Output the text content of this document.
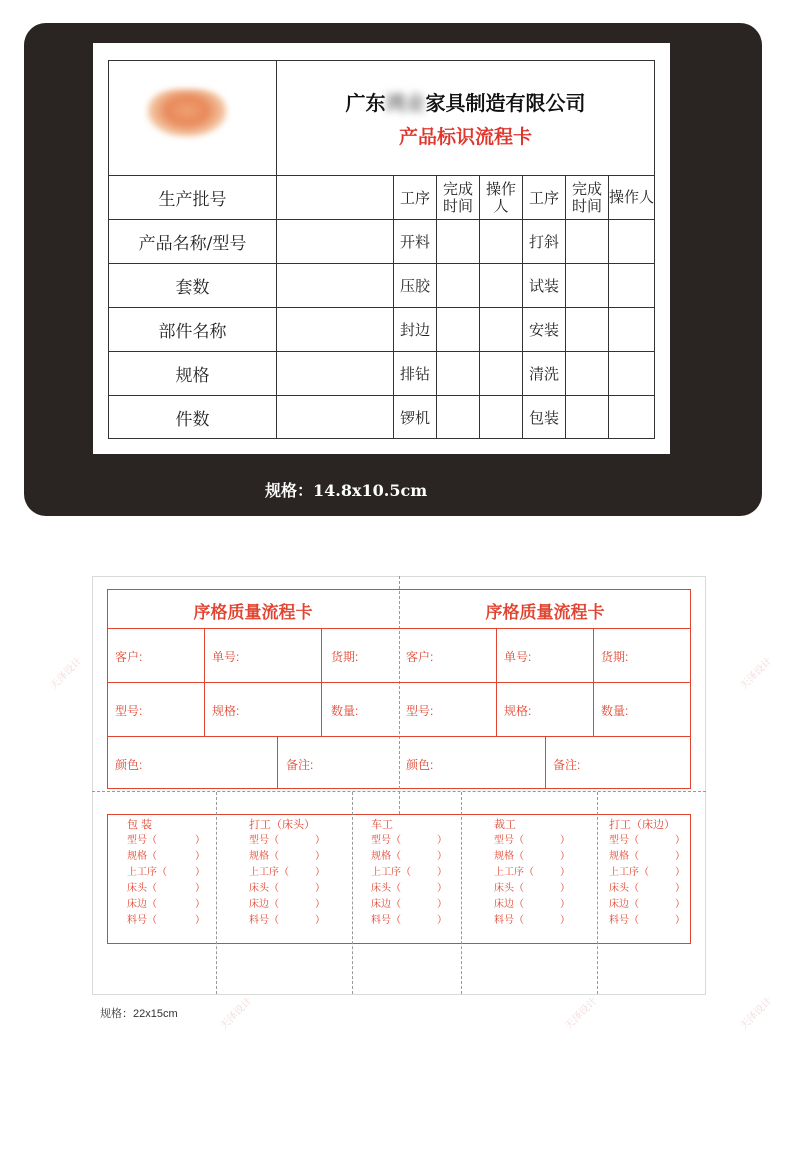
	广东鸿业家具制造有限公司
产品标识流程卡						

生产批号		工序	完成时间	操作人	工序	完成时间	操作人
产品名称/型号		开料			打斜		
套数		压胶			试装		
部件名称		封边			安装		
规格		排钻			清洗		
件数		锣机			包装		
规格：14.8x10.5cm
序格质量流程卡	序格质量流程卡
客户:	单号:	货期:
型号:	规格:	数量:
颜色:	备注:
客户:	单号:	货期:
型号:	规格:	数量:
颜色:	备注:
包 装
型号（	）
规格（	）
上工序（	）
床头（	）
床边（	）
料号（	）
打工（床头）
型号（	）
规格（	）
上工序（	）
床头（	）
床边（	）
料号（	）
车工
型号（	）
规格（	）
上工序（	）
床头（	）
床边（	）
料号（	）
裁工
型号（	）
规格（	）
上工序（	）
床头（	）
床边（	）
料号（	）
打工（床边）
型号（	）
规格（	）
上工序（	）
床头（	）
床边（	）
料号（	）
规格：22x15cm
天泽设计
天泽设计	天泽设计
天泽设计
天泽设计
